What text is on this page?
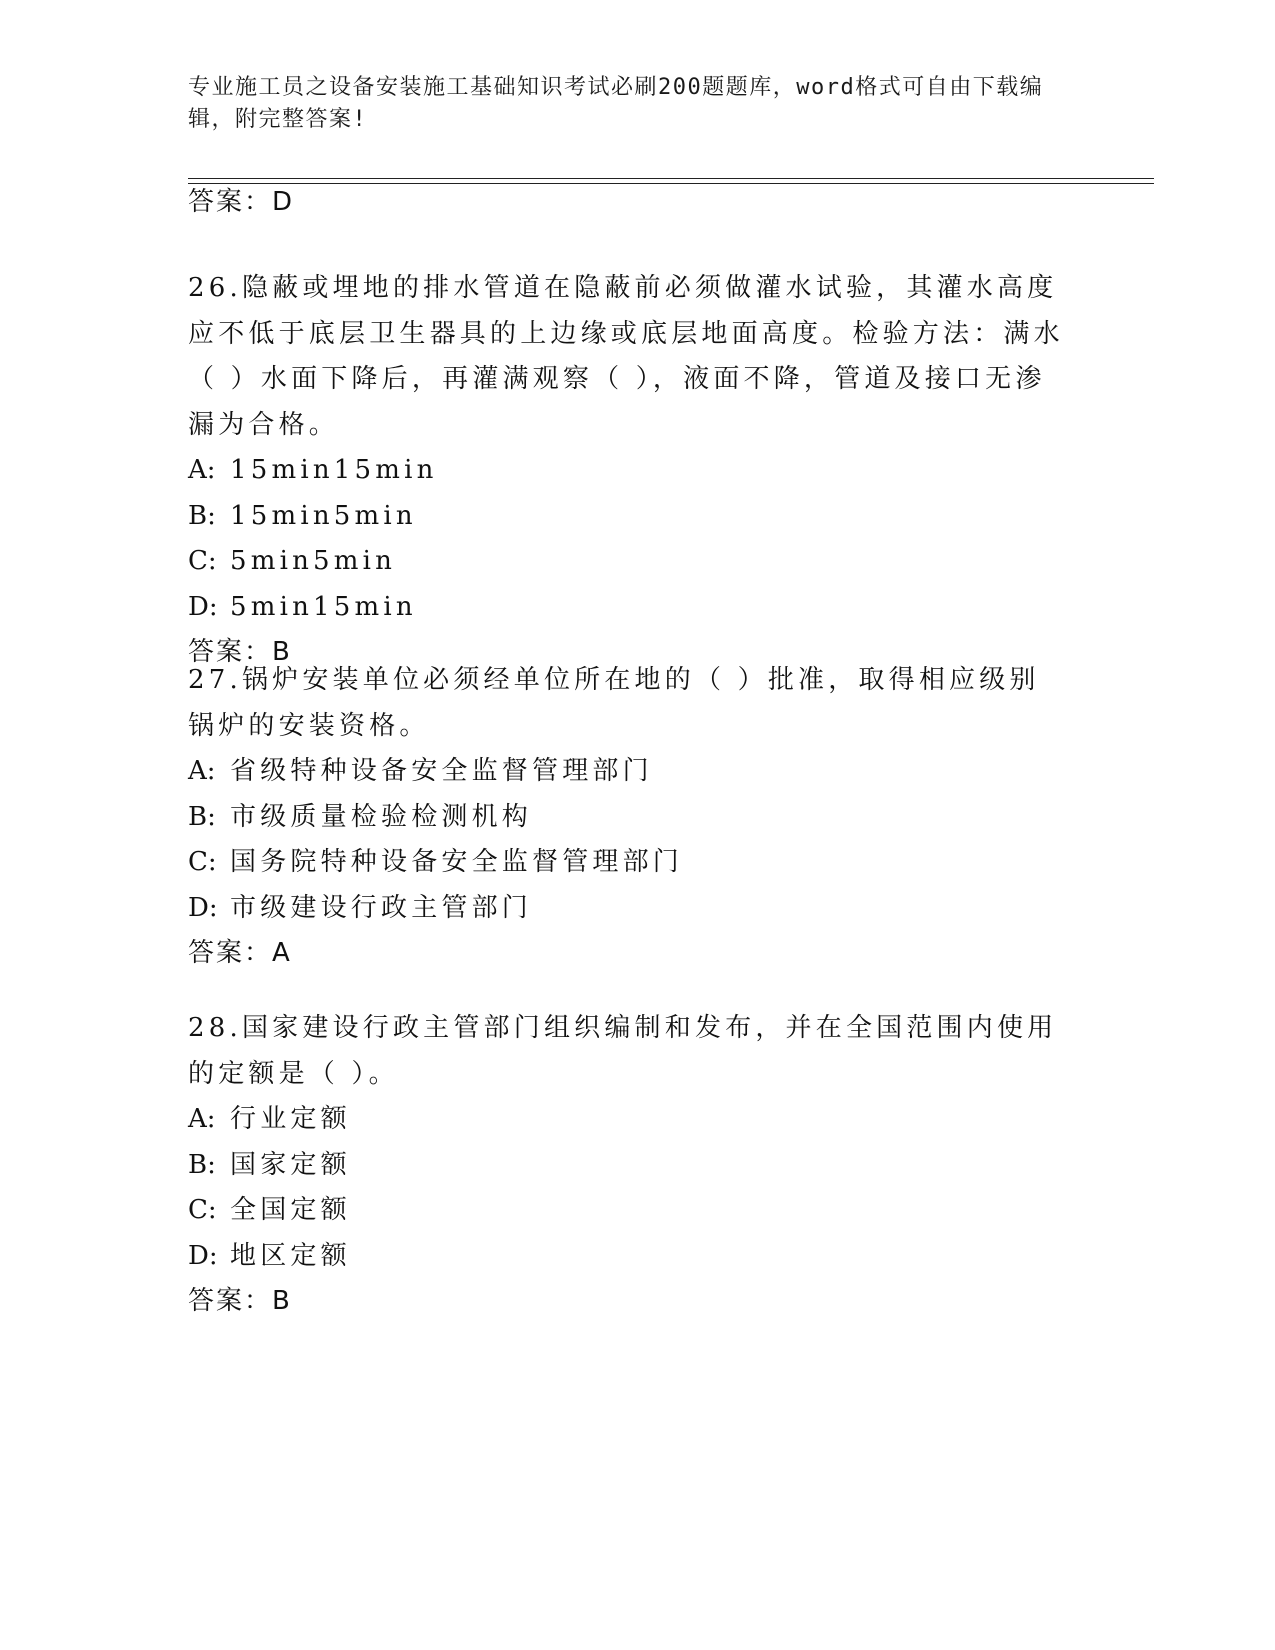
专业施工员之设备安装施工基础知识考试必刷200题题库，word格式可自由下载编辑，附完整答案!
答案：D
26.隐蔽或埋地的排水管道在隐蔽前必须做灌水试验，其灌水高度应不低于底层卫生器具的上边缘或底层地面高度。检验方法：满水（ ）水面下降后，再灌满观察（ ），液面不降，管道及接口无渗漏为合格。
A: 15min15min
B: 15min5min
C: 5min5min
D: 5min15min
答案：B
27.锅炉安装单位必须经单位所在地的（ ）批准，取得相应级别锅炉的安装资格。
A: 省级特种设备安全监督管理部门
B: 市级质量检验检测机构
C: 国务院特种设备安全监督管理部门
D: 市级建设行政主管部门
答案：A
28.国家建设行政主管部门组织编制和发布，并在全国范围内使用的定额是（ ）。
A: 行业定额
B: 国家定额
C: 全国定额
D: 地区定额
答案：B
